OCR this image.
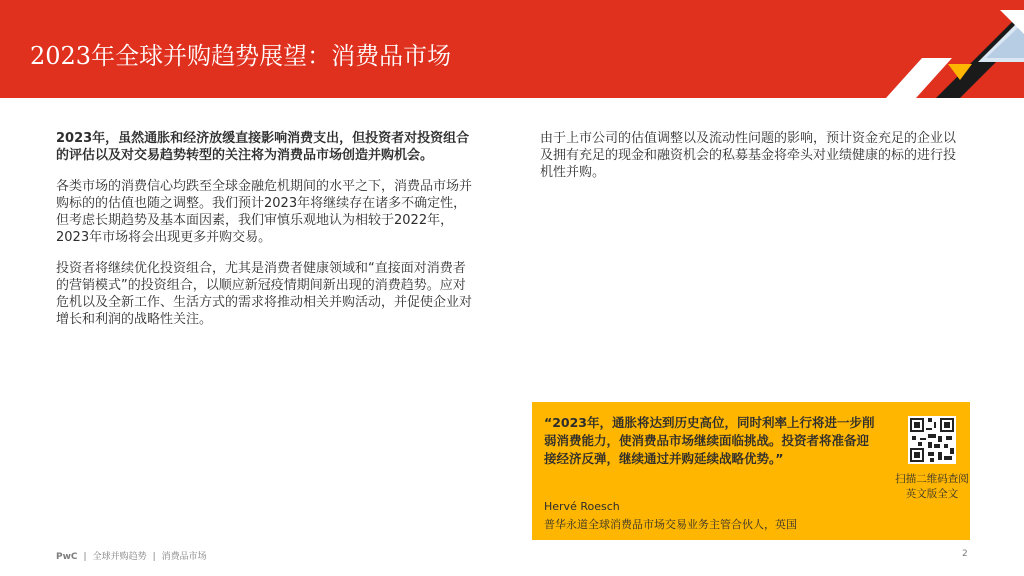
2023年全球并购趋势展望：消费品市场

2023年，虽然通胀和经济放缓直接影响消费支出，但投资者对投资组合的评估以及对交易趋势转型的关注将为消费品市场创造并购机会。

各类市场的消费信心均跌至全球金融危机期间的水平之下，消费品市场并购标的的估值也随之调整。我们预计2023年将继续存在诸多不确定性，但考虑长期趋势及基本面因素，我们审慎乐观地认为相较于2022年，2023年市场将会出现更多并购交易。

投资者将继续优化投资组合，尤其是消费者健康领域和“直接面对消费者的营销模式”的投资组合，以顺应新冠疫情期间新出现的消费趋势。应对危机以及全新工作、生活方式的需求将推动相关并购活动，并促使企业对增长和利润的战略性关注。

由于上市公司的估值调整以及流动性问题的影响，预计资金充足的企业以及拥有充足的现金和融资机会的私募基金将牵头对业绩健康的标的进行投机性并购。

“2023年，通胀将达到历史高位，同时利率上行将进一步削弱消费能力，使消费品市场继续面临挑战。投资者将准备迎接经济反弹，继续通过并购延续战略优势。”
Hervé Roesch
普华永道全球消费品市场交易业务主管合伙人，英国
扫描二维码查阅英文版全文
PwC | 全球并购趋势 | 消费品市场	2
